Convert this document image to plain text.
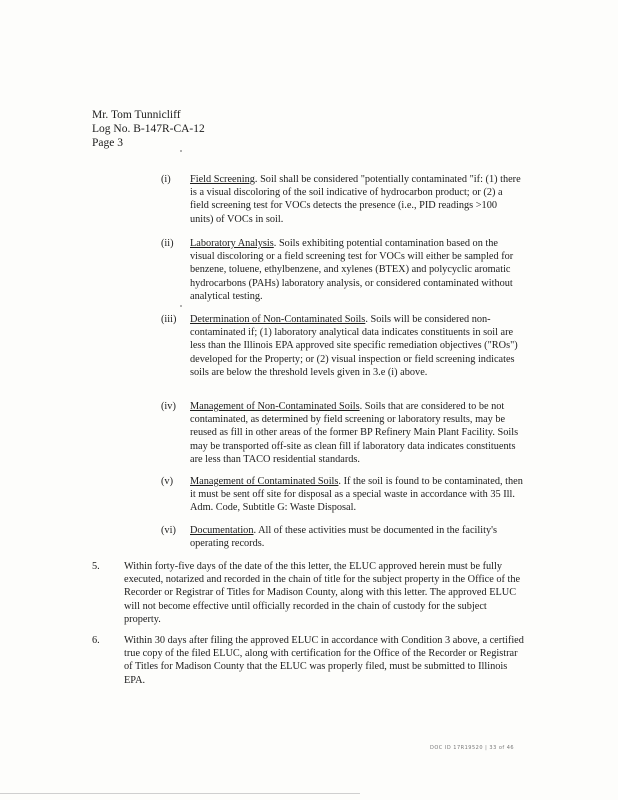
Mr. Tom Tunnicliff
Log No. B-147R-CA-12
Page 3
(i)	Field Screening. Soil shall be considered "potentially contaminated "if: (1) there is a visual discoloring of the soil indicative of hydrocarbon product; or (2) a field screening test for VOCs detects the presence (i.e., PID readings >100 units) of VOCs in soil.
(ii)	Laboratory Analysis. Soils exhibiting potential contamination based on the visual discoloring or a field screening test for VOCs will either be sampled for benzene, toluene, ethylbenzene, and xylenes (BTEX) and polycyclic aromatic hydrocarbons (PAHs) laboratory analysis, or considered contaminated without analytical testing.
(iii)	Determination of Non-Contaminated Soils. Soils will be considered non-contaminated if; (1) laboratory analytical data indicates constituents in soil are less than the Illinois EPA approved site specific remediation objectives ("ROs") developed for the Property; or (2) visual inspection or field screening indicates soils are below the threshold levels given in 3.e (i) above.
(iv)	Management of Non-Contaminated Soils. Soils that are considered to be not contaminated, as determined by field screening or laboratory results, may be reused as fill in other areas of the former BP Refinery Main Plant Facility. Soils may be transported off-site as clean fill if laboratory data indicates constituents are less than TACO residential standards.
(v)	Management of Contaminated Soils. If the soil is found to be contaminated, then it must be sent off site for disposal as a special waste in accordance with 35 Ill. Adm. Code, Subtitle G: Waste Disposal.
(vi)	Documentation. All of these activities must be documented in the facility's operating records.
5. Within forty-five days of the date of the this letter, the ELUC approved herein must be fully executed, notarized and recorded in the chain of title for the subject property in the Office of the Recorder or Registrar of Titles for Madison County, along with this letter. The approved ELUC will not become effective until officially recorded in the chain of custody for the subject property.
6. Within 30 days after filing the approved ELUC in accordance with Condition 3 above, a certified true copy of the filed ELUC, along with certification for the Office of the Recorder or Registrar of Titles for Madison County that the ELUC was properly filed, must be submitted to Illinois EPA.
DOC ID 17R19520 | 33 of 46
